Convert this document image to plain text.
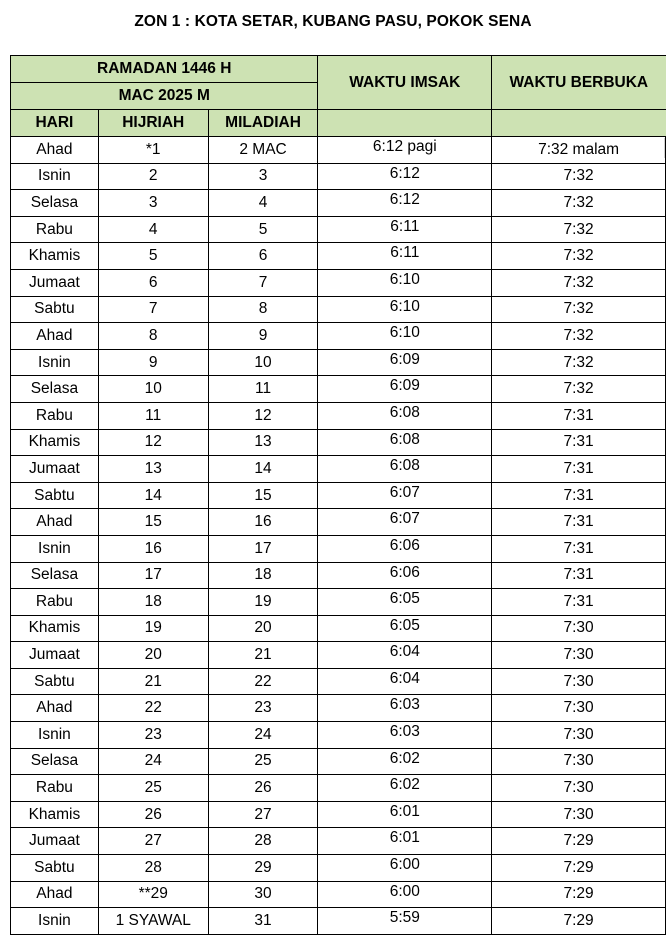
ZON 1 : KOTA SETAR, KUBANG PASU, POKOK SENA
RAMADAN 1446 H			WAKTU IMSAK	WAKTU BERBUKA
MAC 2025 M				
HARI	HIJRIAH	MILADIAH		
Ahad	*1	2 MAC	6:12 pagi	7:32 malam
Isnin	2	3	6:12	7:32
Selasa	3	4	6:12	7:32
Rabu	4	5	6:11	7:32
Khamis	5	6	6:11	7:32
Jumaat	6	7	6:10	7:32
Sabtu	7	8	6:10	7:32
Ahad	8	9	6:10	7:32
Isnin	9	10	6:09	7:32
Selasa	10	11	6:09	7:32
Rabu	11	12	6:08	7:31
Khamis	12	13	6:08	7:31
Jumaat	13	14	6:08	7:31
Sabtu	14	15	6:07	7:31
Ahad	15	16	6:07	7:31
Isnin	16	17	6:06	7:31
Selasa	17	18	6:06	7:31
Rabu	18	19	6:05	7:31
Khamis	19	20	6:05	7:30
Jumaat	20	21	6:04	7:30
Sabtu	21	22	6:04	7:30
Ahad	22	23	6:03	7:30
Isnin	23	24	6:03	7:30
Selasa	24	25	6:02	7:30
Rabu	25	26	6:02	7:30
Khamis	26	27	6:01	7:30
Jumaat	27	28	6:01	7:29
Sabtu	28	29	6:00	7:29
Ahad	**29	30	6:00	7:29
Isnin	1 SYAWAL	31	5:59	7:29
